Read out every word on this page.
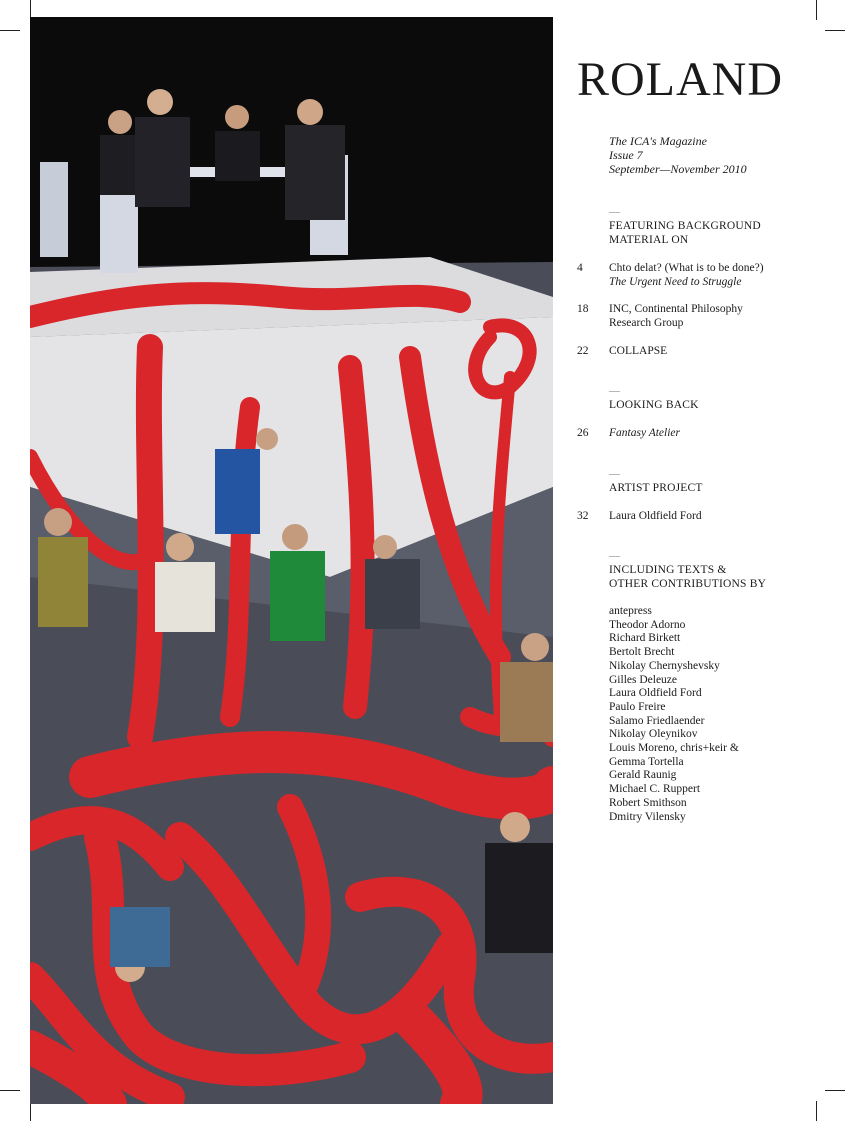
ROLAND
The ICA's Magazine
Issue 7
September—November 2010
—
FEATURING BACKGROUND
MATERIAL ON
4 Chto delat? (What is to be done?)
The Urgent Need to Struggle
18 INC, Continental Philosophy
Research Group
22 COLLAPSE
—
LOOKING BACK
26 Fantasy Atelier
—
ARTIST PROJECT
32 Laura Oldfield Ford
—
INCLUDING TEXTS &
OTHER CONTRIBUTIONS BY
antepress
Theodor Adorno
Richard Birkett
Bertolt Brecht
Nikolay Chernyshevsky
Gilles Deleuze
Laura Oldfield Ford
Paulo Freire
Salamo Friedlaender
Nikolay Oleynikov
Louis Moreno, chris+keir &
Gemma Tortella
Gerald Raunig
Michael C. Ruppert
Robert Smithson
Dmitry Vilensky
